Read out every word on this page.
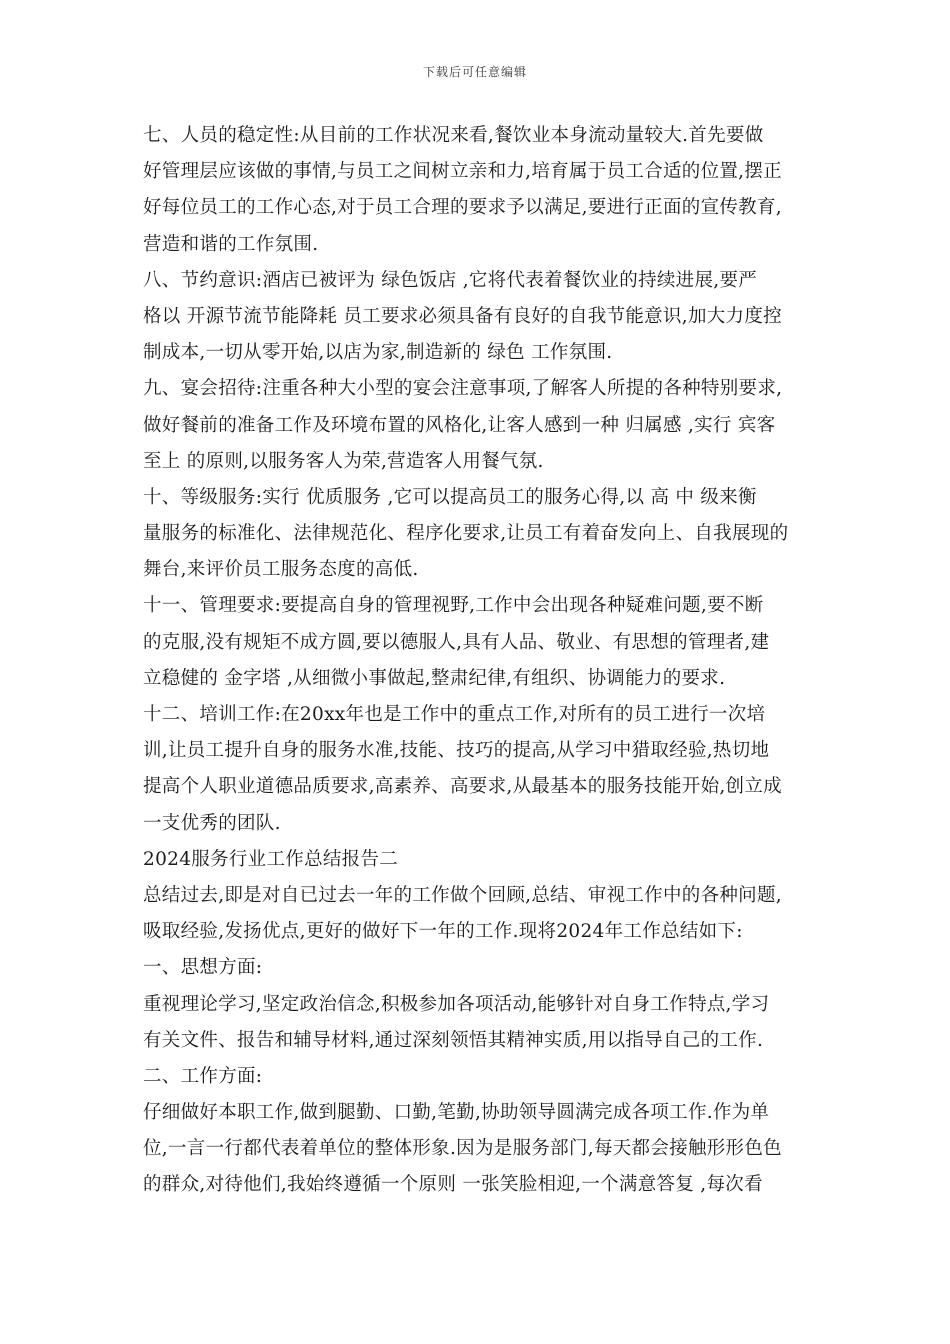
下载后可任意编辑
七、人员的稳定性:从目前的工作状况来看,餐饮业本身流动量较大.首先要做
好管理层应该做的事情,与员工之间树立亲和力,培育属于员工合适的位置,摆正
好每位员工的工作心态,对于员工合理的要求予以满足,要进行正面的宣传教育,
营造和谐的工作氛围.
八、节约意识:酒店已被评为 绿色饭店 ,它将代表着餐饮业的持续进展,要严
格以 开源节流节能降耗 员工要求必须具备有良好的自我节能意识,加大力度控
制成本,一切从零开始,以店为家,制造新的 绿色 工作氛围.
九、宴会招待:注重各种大小型的宴会注意事项,了解客人所提的各种特别要求,
做好餐前的准备工作及环境布置的风格化,让客人感到一种 归属感 ,实行 宾客
至上 的原则,以服务客人为荣,营造客人用餐气氛.
十、等级服务:实行 优质服务 ,它可以提高员工的服务心得,以 高 中 级来衡
量服务的标准化、法律规范化、程序化要求,让员工有着奋发向上、自我展现的
舞台,来评价员工服务态度的高低.
十一、管理要求:要提高自身的管理视野,工作中会出现各种疑难问题,要不断
的克服,没有规矩不成方圆,要以德服人,具有人品、敬业、有思想的管理者,建
立稳健的 金字塔 ,从细微小事做起,整肃纪律,有组织、协调能力的要求.
十二、培训工作:在20xx年也是工作中的重点工作,对所有的员工进行一次培
训,让员工提升自身的服务水准,技能、技巧的提高,从学习中猎取经验,热切地
提高个人职业道德品质要求,高素养、高要求,从最基本的服务技能开始,创立成
一支优秀的团队.
2024服务行业工作总结报告二
总结过去,即是对自已过去一年的工作做个回顾,总结、审视工作中的各种问题,
吸取经验,发扬优点,更好的做好下一年的工作.现将2024年工作总结如下:
一、思想方面:
重视理论学习,坚定政治信念,积极参加各项活动,能够针对自身工作特点,学习
有关文件、报告和辅导材料,通过深刻领悟其精神实质,用以指导自己的工作.
二、工作方面:
仔细做好本职工作,做到腿勤、口勤,笔勤,协助领导圆满完成各项工作.作为单
位,一言一行都代表着单位的整体形象.因为是服务部门,每天都会接触形形色色
的群众,对待他们,我始终遵循一个原则 一张笑脸相迎,一个满意答复 ,每次看
